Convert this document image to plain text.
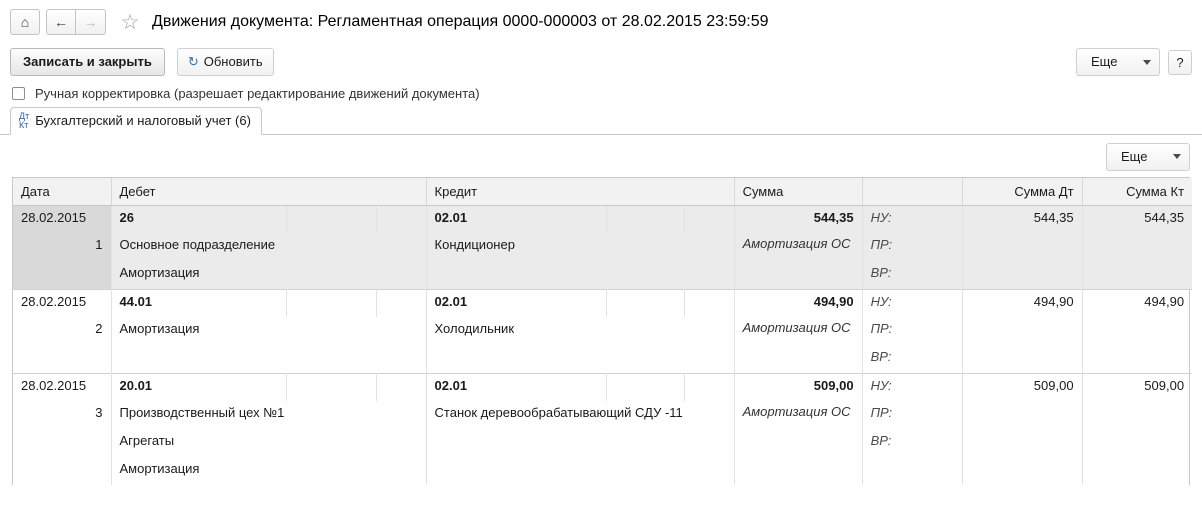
⌂ ← → ☆ Движения документа: Регламентная операция 0000-000003 от 28.02.2015 23:59:59
Записать и закрыть	↻ Обновить	Еще	?
Ручная корректировка (разрешает редактирование движений документа)
Дт
Кт Бухгалтерский и налоговый учет (6)
Еще
Дата	Дебет			Кредит			Сумма		Сумма Дт	Сумма Кт
28.02.2015	26			02.01			544,35	НУ:	544,35	544,35
1	Основное подразделение			Кондиционер			Амортизация ОС	ПР:		
	Амортизация							ВР:		
28.02.2015	44.01			02.01			494,90	НУ:	494,90	494,90
2	Амортизация			Холодильник			Амортизация ОС	ПР:		
								ВР:		
28.02.2015	20.01			02.01			509,00	НУ:	509,00	509,00
3	Производственный цех №1			Станок деревообрабатывающий СДУ -11			Амортизация ОС	ПР:		
	Агрегаты							ВР:		
	Амортизация									
